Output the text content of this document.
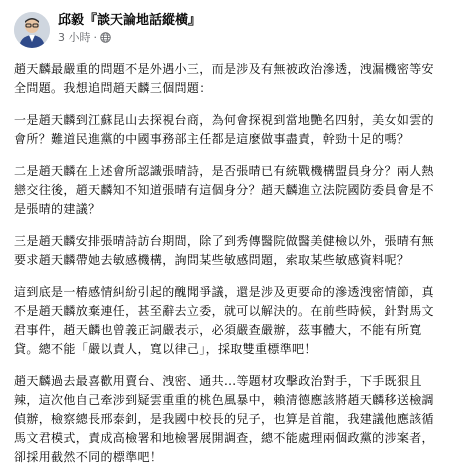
邱毅『談天論地話縱橫』
3 小時 ·

趙天麟最嚴重的問題不是外遇小三，而是涉及有無被政治滲透，洩漏機密等安全問題。我想追問趙天麟三個問題：

一是趙天麟到江蘇昆山去探視台商，為何會探視到當地艷名四射，美女如雲的會所？難道民進黨的中國事務部主任都是這麼做事盡責，幹勁十足的嗎？

二是趙天麟在上述會所認識張晴詩，是否張晴已有統戰機構盟員身分？兩人熱戀交往後，趙天麟知不知道張晴有這個身分？趙天麟進立法院國防委員會是不是張晴的建議？

三是趙天麟安排張晴詩訪台期間，除了到秀傳醫院做醫美健檢以外，張晴有無要求趙天麟帶她去敏感機構，詢問某些敏感問題，索取某些敏感資料呢？

這到底是一樁感情糾紛引起的醜聞爭議，還是涉及更要命的滲透洩密情節，真不是趙天麟放棄連任，甚至辭去立委，就可以解決的。在前些時候，針對馬文君事件，趙天麟也曾義正詞嚴表示，必須嚴查嚴辦，茲事體大，不能有所寬貸。總不能「嚴以責人，寬以律己」，採取雙重標準吧！

趙天麟過去最喜歡用賣台、洩密、通共...等題材攻擊政治對手，下手既狠且辣，這次他自己牽涉到疑雲重重的桃色風暴中，賴清德應該將趙天麟移送檢調偵辦，檢察總長邢泰釗，是我國中校長的兒子，也算是首龍，我建議他應該循馬文君模式，責成高檢署和地檢署展開調查，總不能處理兩個政黨的涉案者，卻採用截然不同的標準吧！
